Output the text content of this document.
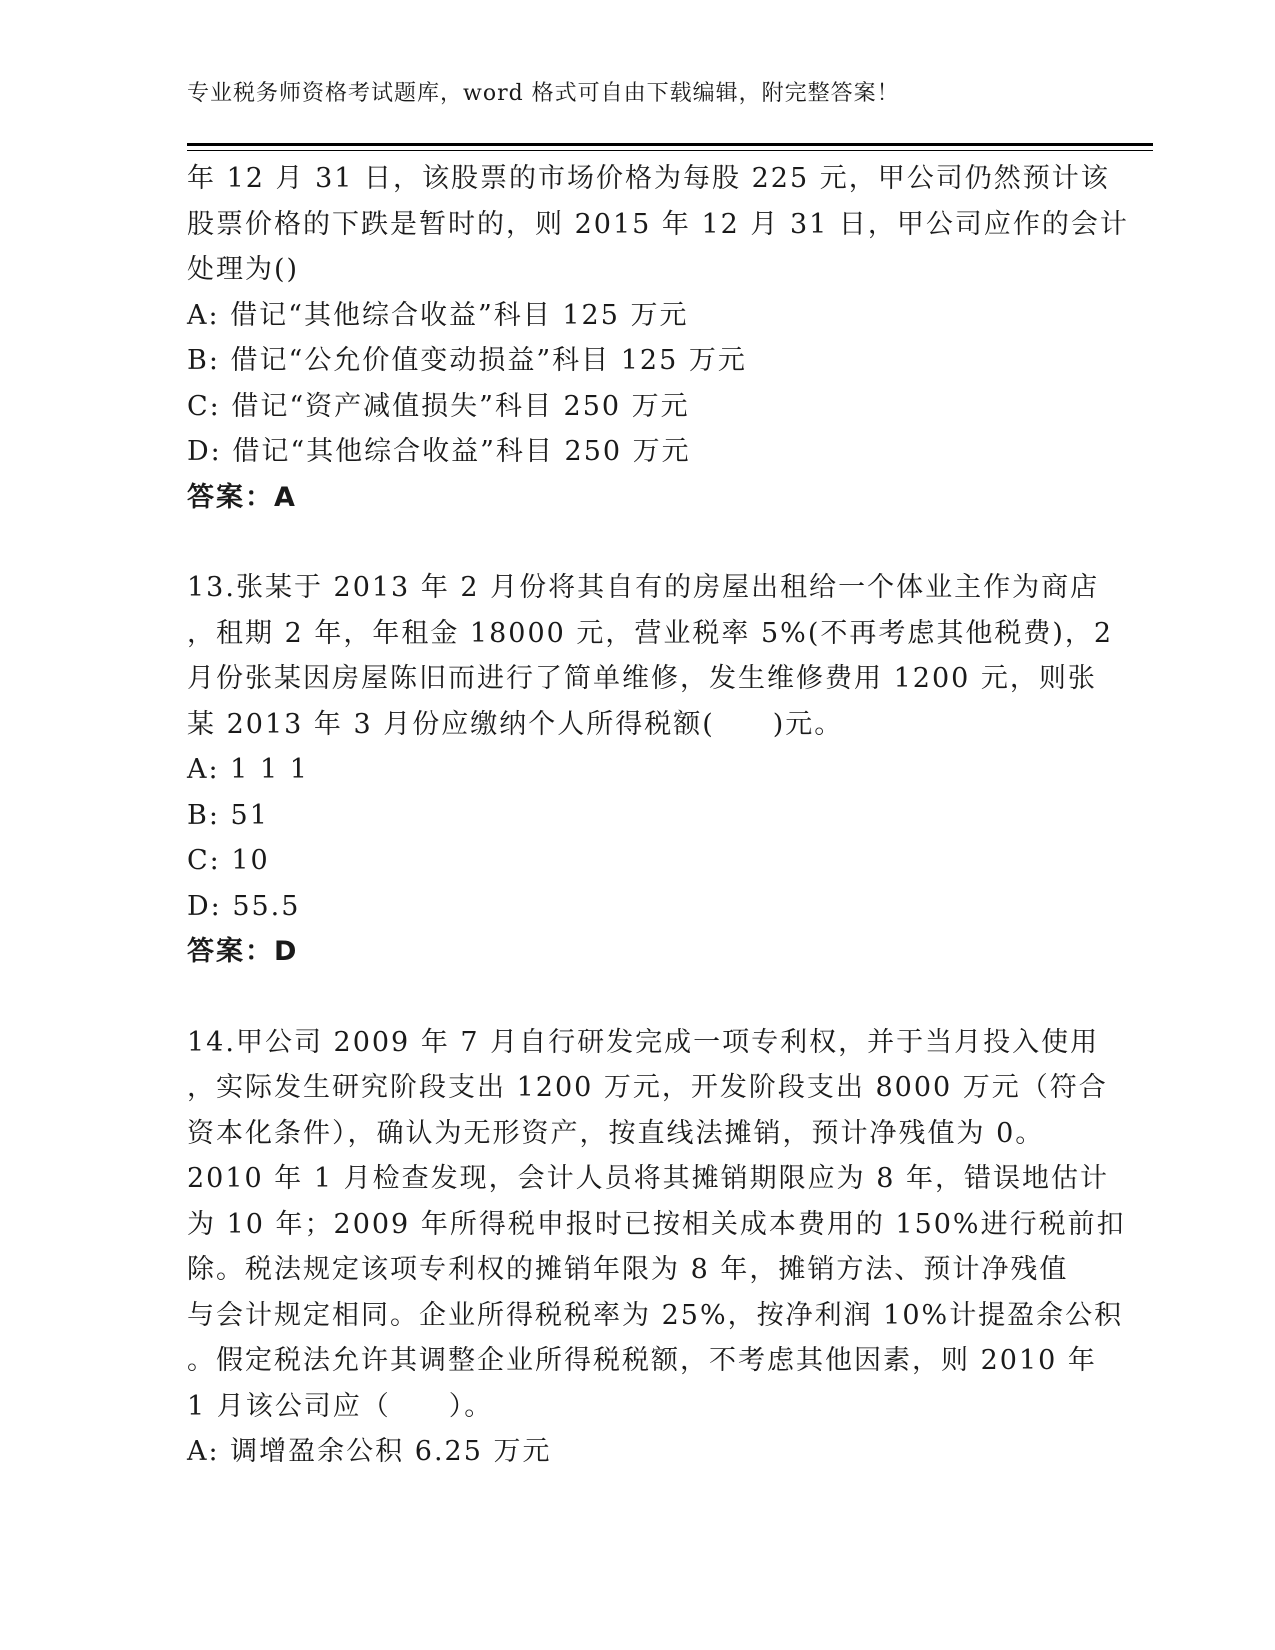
专业税务师资格考试题库，word 格式可自由下载编辑，附完整答案！
年 12 月 31 日，该股票的市场价格为每股 225 元，甲公司仍然预计该
股票价格的下跌是暂时的，则 2015 年 12 月 31 日，甲公司应作的会计
处理为()
A: 借记“其他综合收益”科目 125 万元
B: 借记“公允价值变动损益”科目 125 万元
C: 借记“资产减值损失”科目 250 万元
D: 借记“其他综合收益”科目 250 万元
答案：A
13.张某于 2013 年 2 月份将其自有的房屋出租给一个体业主作为商店
，租期 2 年，年租金 18000 元，营业税率 5%(不再考虑其他税费)，2
月份张某因房屋陈旧而进行了简单维修，发生维修费用 1200 元，则张
某 2013 年 3 月份应缴纳个人所得税额(　　)元。
A: 1 1 1
B: 51
C: 10
D: 55.5
答案：D
14.甲公司 2009 年 7 月自行研发完成一项专利权，并于当月投入使用
，实际发生研究阶段支出 1200 万元，开发阶段支出 8000 万元（符合
资本化条件），确认为无形资产，按直线法摊销，预计净残值为 0。
2010 年 1 月检查发现，会计人员将其摊销期限应为 8 年，错误地估计
为 10 年；2009 年所得税申报时已按相关成本费用的 150%进行税前扣
除。税法规定该项专利权的摊销年限为 8 年，摊销方法、预计净残值
与会计规定相同。企业所得税税率为 25%，按净利润 10%计提盈余公积
。假定税法允许其调整企业所得税税额，不考虑其他因素，则 2010 年
1 月该公司应（　　）。
A: 调增盈余公积 6.25 万元
